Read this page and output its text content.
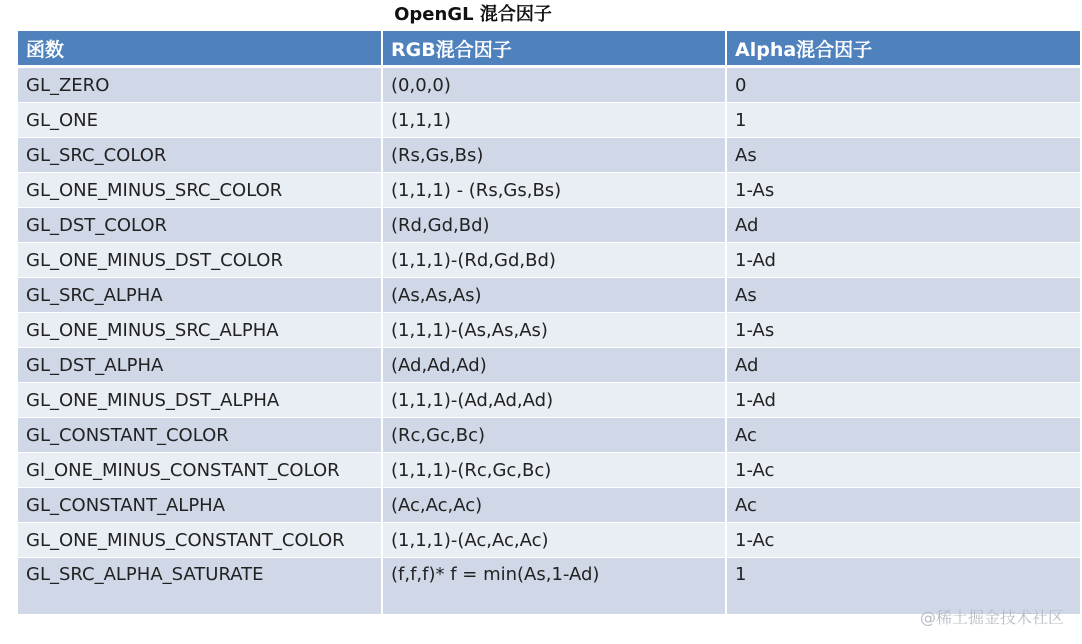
OpenGL 混合因子
函数	RGB混合因子	Alpha混合因子
GL_ZERO	(0,0,0)	0
GL_ONE	(1,1,1)	1
GL_SRC_COLOR	(Rs,Gs,Bs)	As
GL_ONE_MINUS_SRC_COLOR	(1,1,1) - (Rs,Gs,Bs)	1-As
GL_DST_COLOR	(Rd,Gd,Bd)	Ad
GL_ONE_MINUS_DST_COLOR	(1,1,1)-(Rd,Gd,Bd)	1-Ad
GL_SRC_ALPHA	(As,As,As)	As
GL_ONE_MINUS_SRC_ALPHA	(1,1,1)-(As,As,As)	1-As
GL_DST_ALPHA	(Ad,Ad,Ad)	Ad
GL_ONE_MINUS_DST_ALPHA	(1,1,1)-(Ad,Ad,Ad)	1-Ad
GL_CONSTANT_COLOR	(Rc,Gc,Bc)	Ac
Gl_ONE_MINUS_CONSTANT_COLOR	(1,1,1)-(Rc,Gc,Bc)	1-Ac
GL_CONSTANT_ALPHA	(Ac,Ac,Ac)	Ac
GL_ONE_MINUS_CONSTANT_COLOR	(1,1,1)-(Ac,Ac,Ac)	1-Ac
GL_SRC_ALPHA_SATURATE	(f,f,f)* f = min(As,1-Ad)	1
@稀土掘金技术社区
